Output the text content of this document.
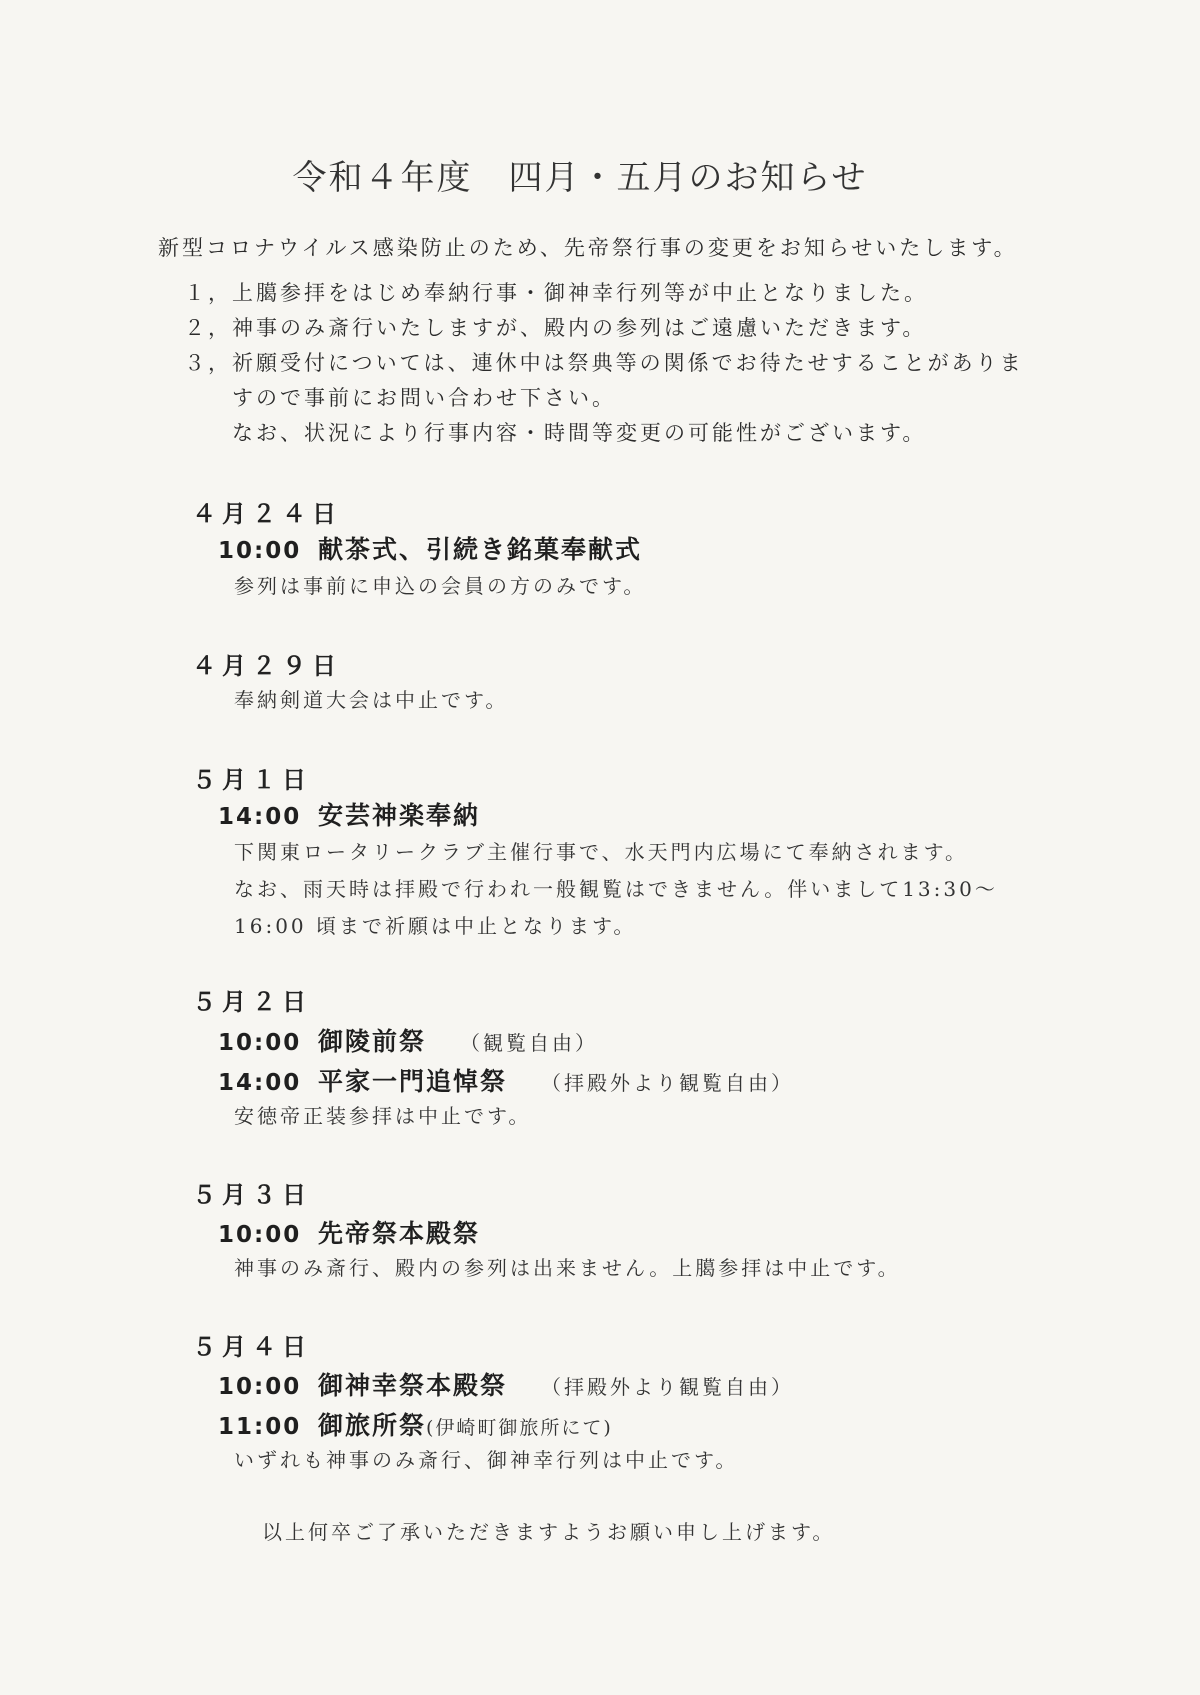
令和４年度　四月・五月のお知らせ
新型コロナウイルス感染防止のため、先帝祭行事の変更をお知らせいたします。
１，上臈参拝をはじめ奉納行事・御神幸行列等が中止となりました。
２，神事のみ斎行いたしますが、殿内の参列はご遠慮いただきます。
３，祈願受付については、連休中は祭典等の関係でお待たせすることがありま
すので事前にお問い合わせ下さい。
なお、状況により行事内容・時間等変更の可能性がございます。
４月２４日
10:00 献茶式、引続き銘菓奉献式
参列は事前に申込の会員の方のみです。
４月２９日
奉納剣道大会は中止です。
５月１日
14:00 安芸神楽奉納
下関東ロータリークラブ主催行事で、水天門内広場にて奉納されます。
なお、雨天時は拝殿で行われ一般観覧はできません。伴いまして13:30～
16:00 頃まで祈願は中止となります。
５月２日
10:00 御陵前祭 （観覧自由）
14:00 平家一門追悼祭 （拝殿外より観覧自由）
安徳帝正装参拝は中止です。
５月３日
10:00 先帝祭本殿祭
神事のみ斎行、殿内の参列は出来ません。上臈参拝は中止です。
５月４日
10:00 御神幸祭本殿祭 （拝殿外より観覧自由）
11:00 御旅所祭(伊崎町御旅所にて)
いずれも神事のみ斎行、御神幸行列は中止です。
以上何卒ご了承いただきますようお願い申し上げます。
